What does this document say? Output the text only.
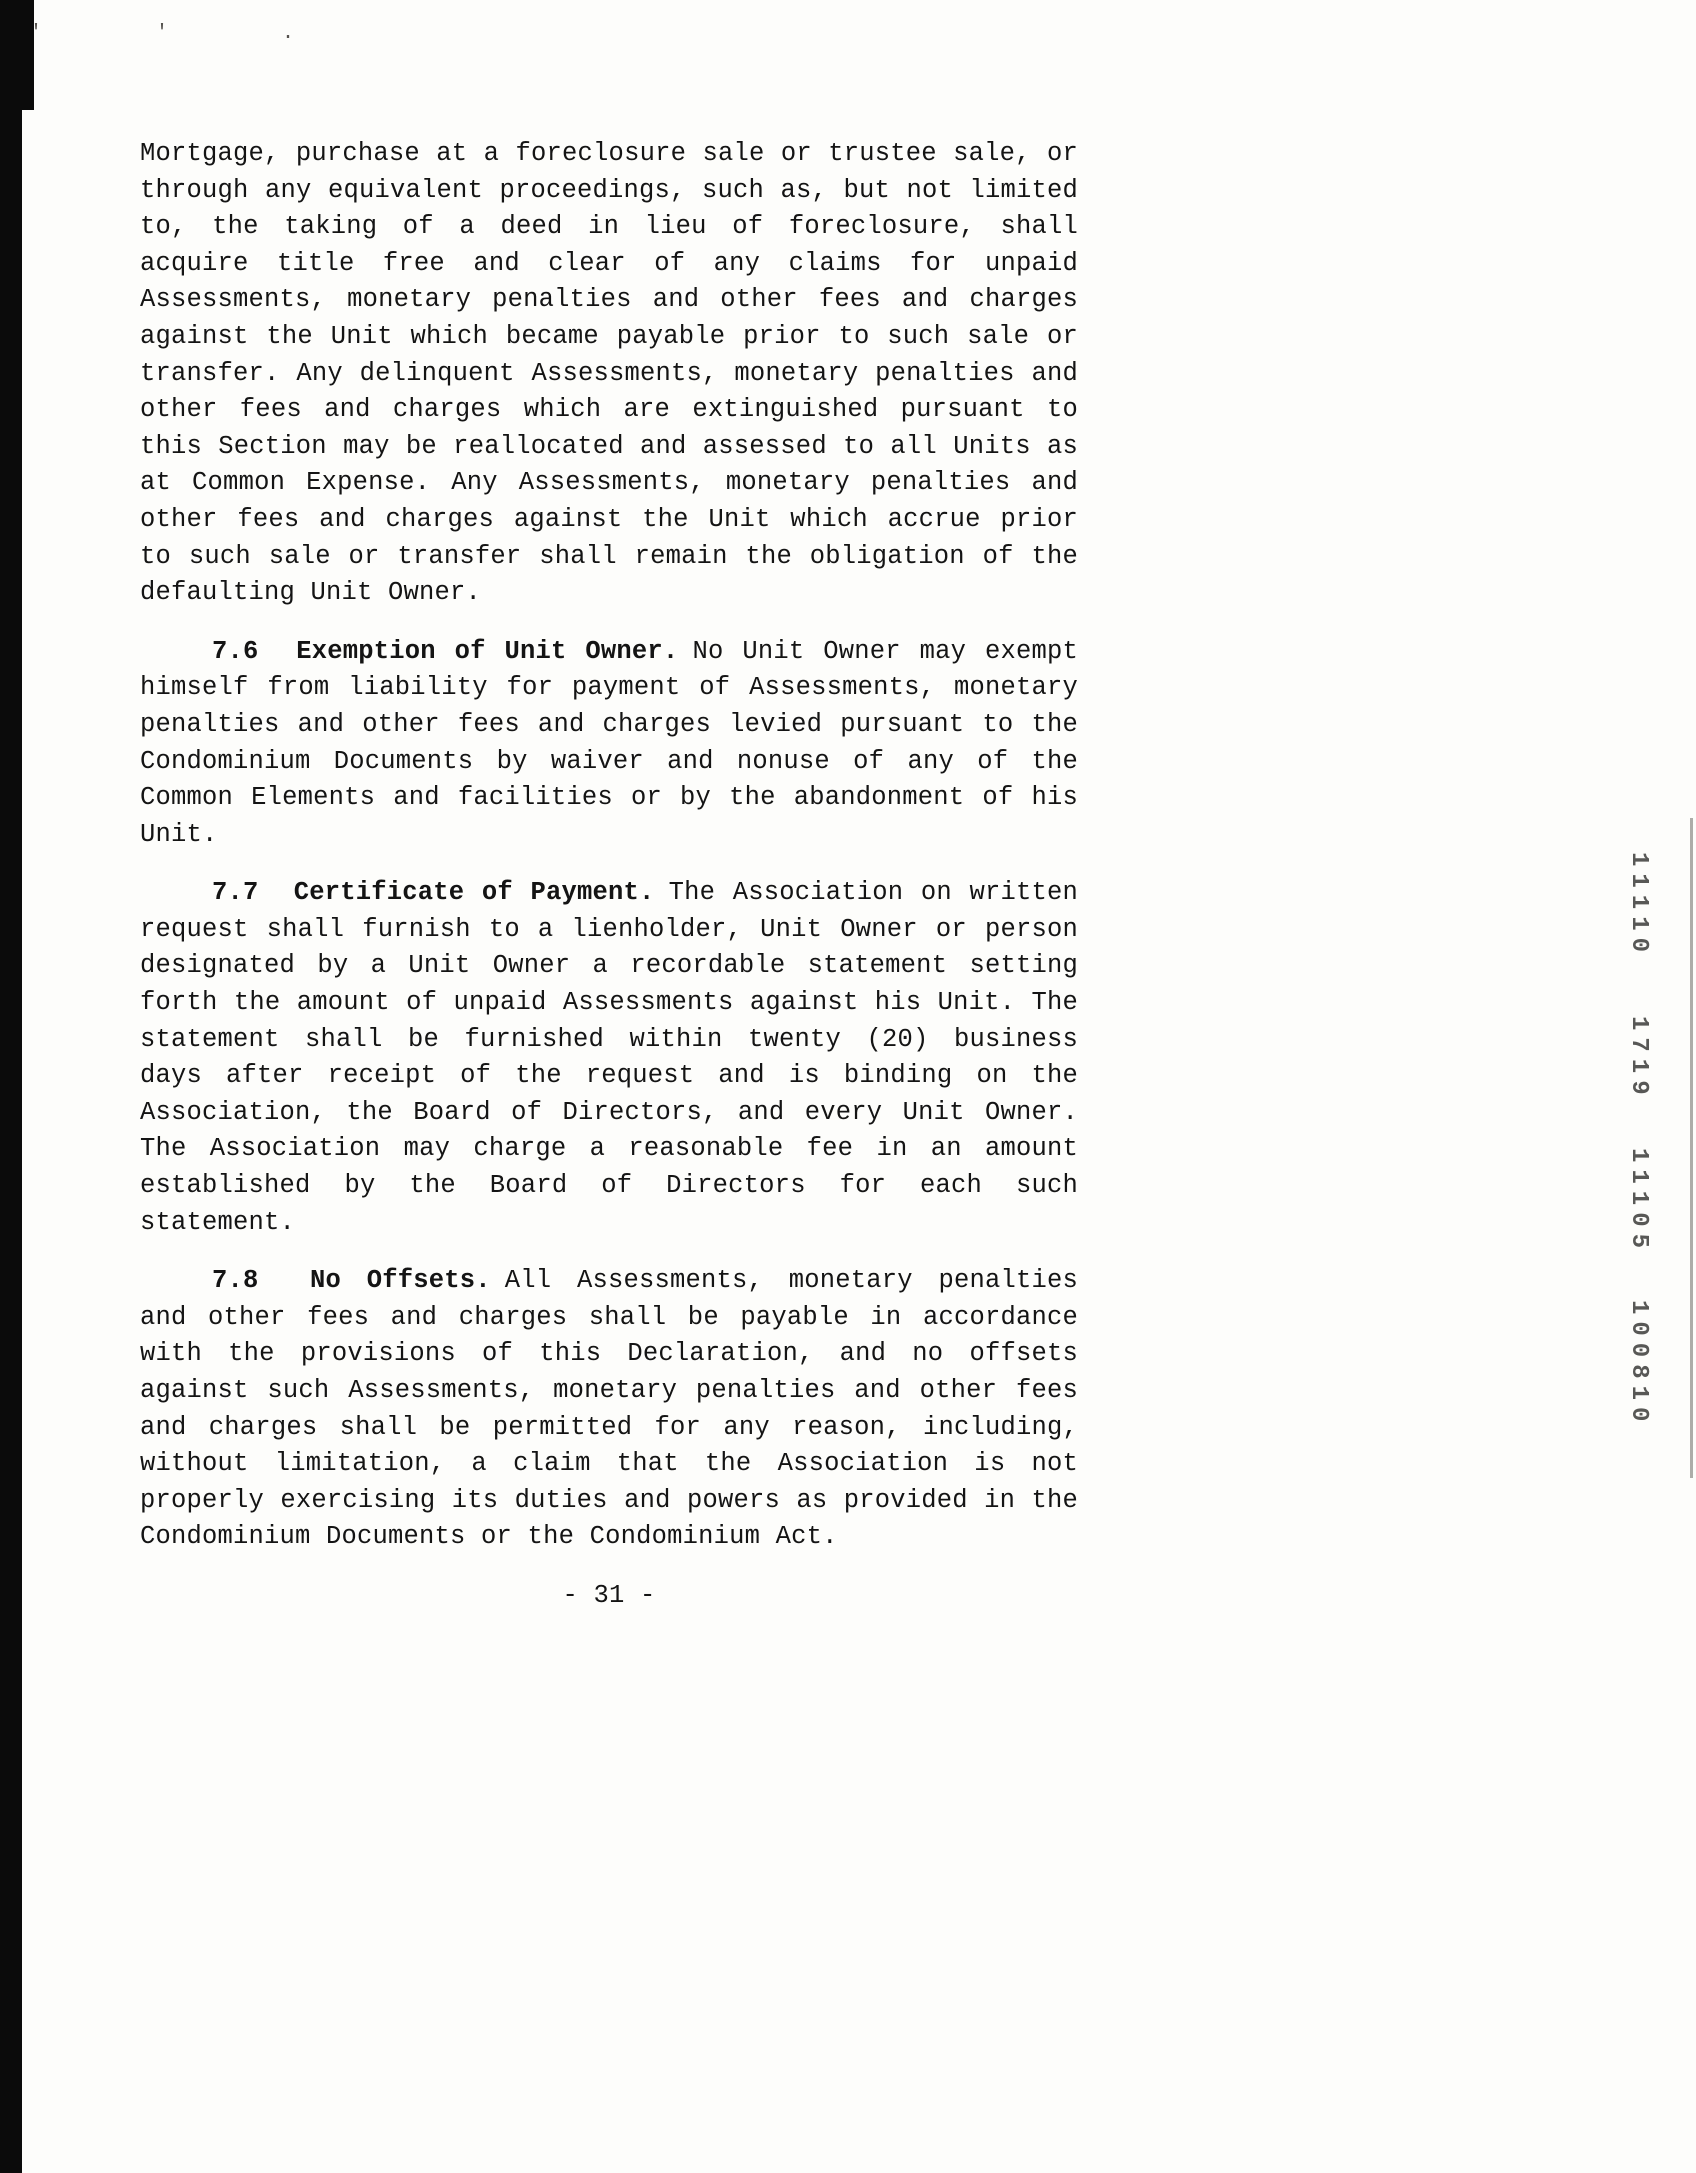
'  '  .

Mortgage, purchase at a foreclosure sale or trustee sale, or through any equivalent proceedings, such as, but not limited to, the taking of a deed in lieu of foreclosure, shall acquire title free and clear of any claims for unpaid Assessments, monetary penalties and other fees and charges against the Unit which became payable prior to such sale or transfer. Any delinquent Assessments, monetary penalties and other fees and charges which are extinguished pursuant to this Section may be reallocated and assessed to all Units as at Common Expense. Any Assessments, monetary penalties and other fees and charges against the Unit which accrue prior to such sale or transfer shall remain the obligation of the defaulting Unit Owner.

7.6 Exemption of Unit Owner. No Unit Owner may exempt himself from liability for payment of Assessments, monetary penalties and other fees and charges levied pursuant to the Condominium Documents by waiver and nonuse of any of the Common Elements and facilities or by the abandonment of his Unit.

7.7 Certificate of Payment. The Association on written request shall furnish to a lienholder, Unit Owner or person designated by a Unit Owner a recordable statement setting forth the amount of unpaid Assessments against his Unit. The statement shall be furnished within twenty (20) business days after receipt of the request and is binding on the Association, the Board of Directors, and every Unit Owner. The Association may charge a reasonable fee in an amount established by the Board of Directors for each such statement.

7.8 No Offsets. All Assessments, monetary penalties and other fees and charges shall be payable in accordance with the provisions of this Declaration, and no offsets against such Assessments, monetary penalties and other fees and charges shall be permitted for any reason, including, without limitation, a claim that the Association is not properly exercising its duties and powers as provided in the Condominium Documents or the Condominium Act.

- 31 -

11110
1719
11105
100810
